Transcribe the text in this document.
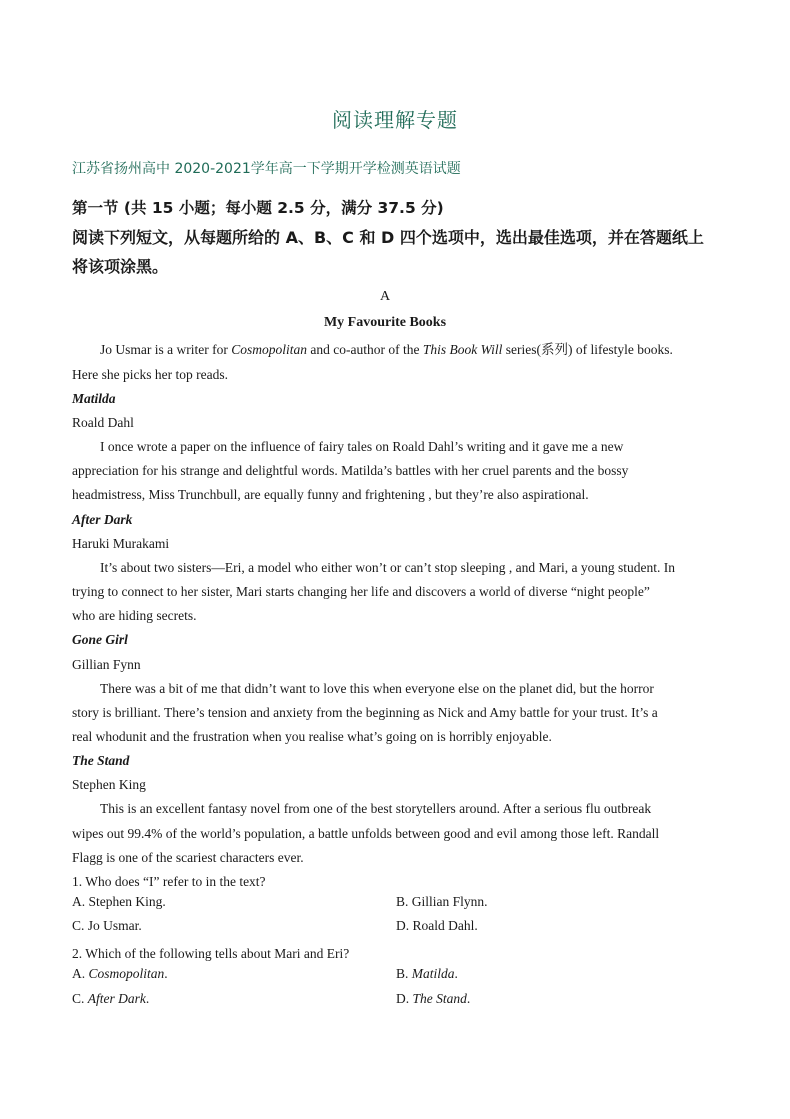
阅读理解专题
江苏省扬州高中 2020-2021学年高一下学期开学检测英语试题
第一节 (共 15 小题；每小题 2.5 分，满分 37.5 分)
阅读下列短文，从每题所给的 A、B、C 和 D 四个选项中，选出最佳选项，并在答题纸上
将该项涂黑。
A
My Favourite Books
Jo Usmar is a writer for Cosmopolitan and co-author of the This Book Will series(系列) of lifestyle books.
Here she picks her top reads.
Matilda
Roald Dahl
I once wrote a paper on the influence of fairy tales on Roald Dahl’s writing and it gave me a new
appreciation for his strange and delightful words. Matilda’s battles with her cruel parents and the bossy
headmistress, Miss Trunchbull, are equally funny and frightening , but they’re also aspirational.
After Dark
Haruki Murakami
It’s about two sisters—Eri, a model who either won’t or can’t stop sleeping , and Mari, a young student. In
trying to connect to her sister, Mari starts changing her life and discovers a world of diverse “night people”
who are hiding secrets.
Gone Girl
Gillian Fynn
There was a bit of me that didn’t want to love this when everyone else on the planet did, but the horror
story is brilliant. There’s tension and anxiety from the beginning as Nick and Amy battle for your trust. It’s a
real whodunit and the frustration when you realise what’s going on is horribly enjoyable.
The Stand
Stephen King
This is an excellent fantasy novel from one of the best storytellers around. After a serious flu outbreak
wipes out 99.4% of the world’s population, a battle unfolds between good and evil among those left. Randall
Flagg is one of the scariest characters ever.
1. Who does “I” refer to in the text?
A. Stephen King.	B. Gillian Flynn.
C. Jo Usmar.	D. Roald Dahl.
2. Which of the following tells about Mari and Eri?
A. Cosmopolitan.	B. Matilda.
C. After Dark.	D. The Stand.
